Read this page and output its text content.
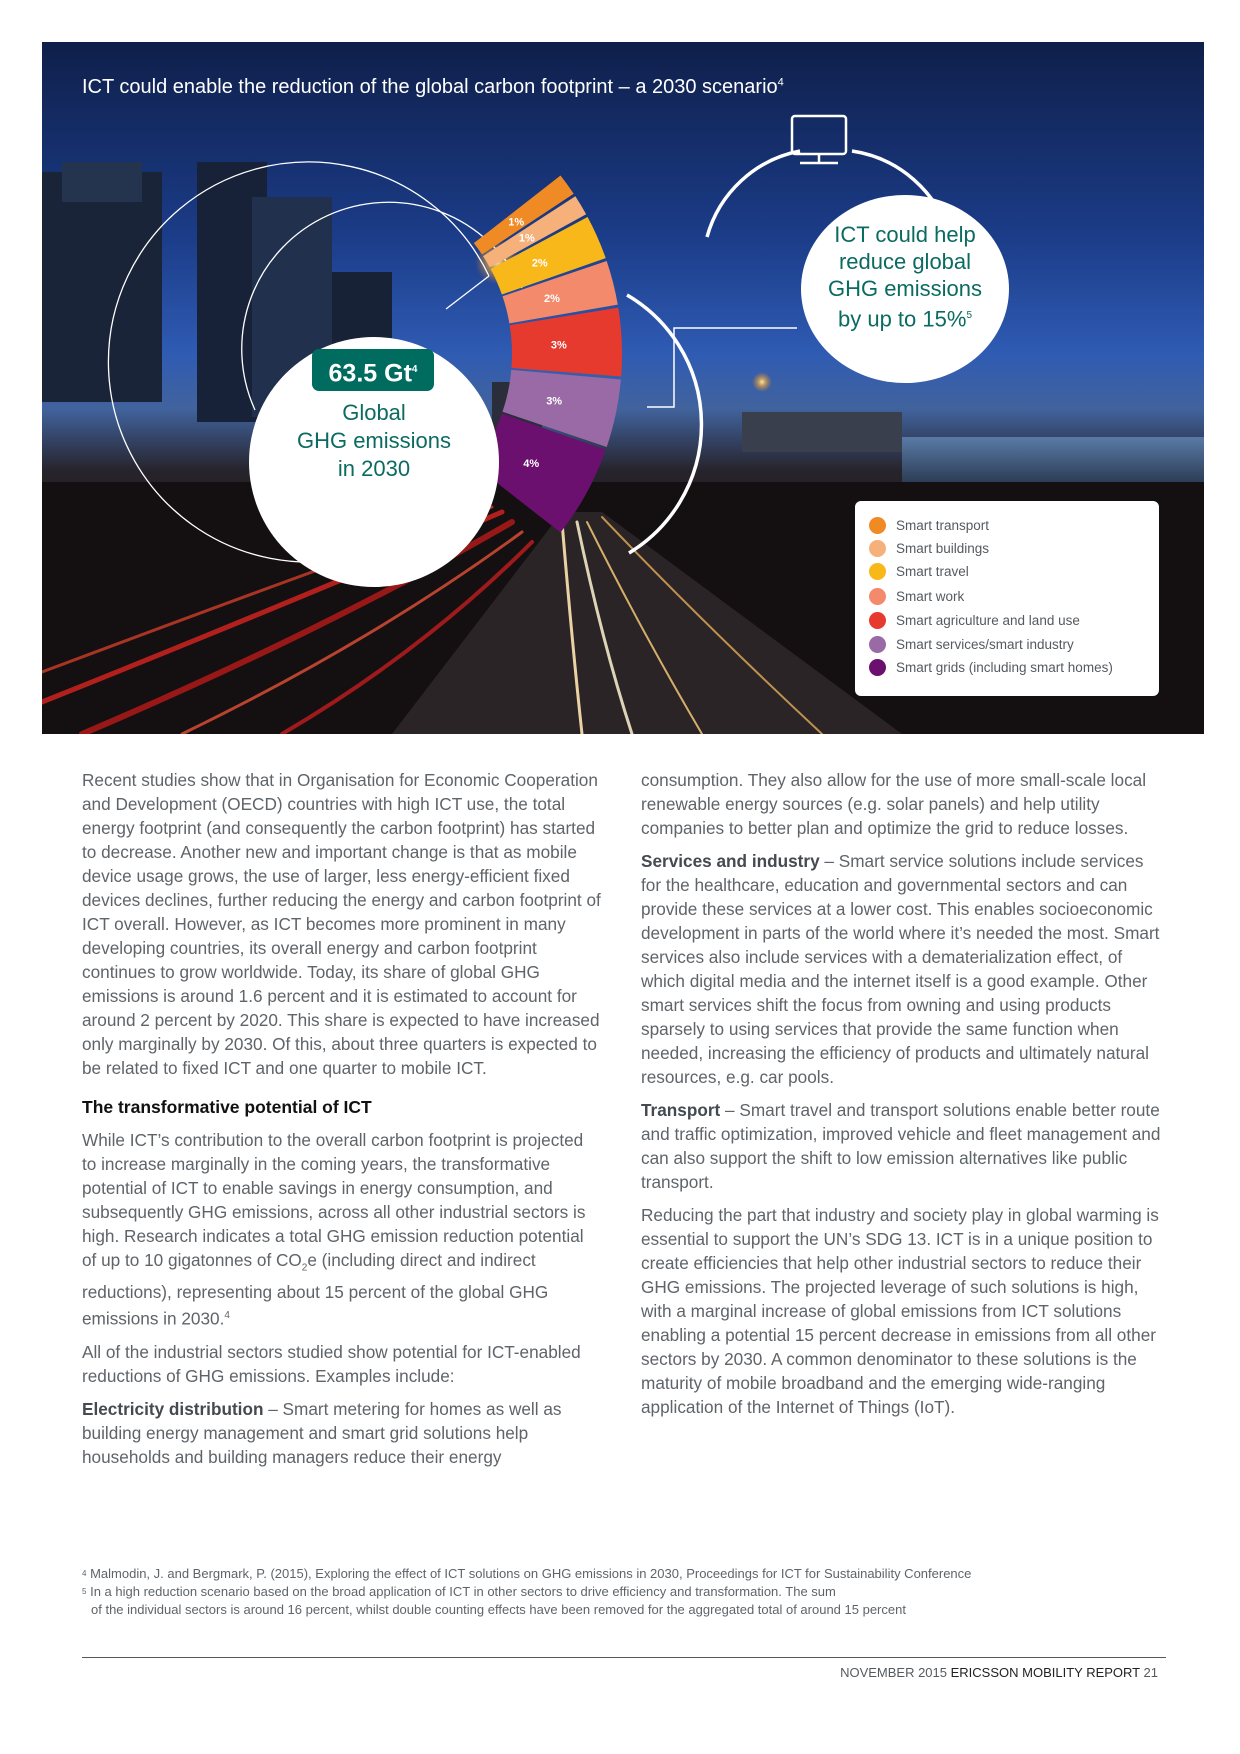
1%
1%
2%
2%
3%
3%
4%
ICT could enable the reduction of the global carbon footprint – a 2030 scenario$^4$
63.5 Gt$^4$

Global
GHG emissions
in 2030

ICT could help
reduce global
GHG emissions
by up to 15%$^5$

Smart transport
Smart buildings
Smart travel
Smart work
Smart agriculture and land use
Smart services/smart industry
Smart grids (including smart homes)

Recent studies show that in Organisation for Economic Cooperation and Development (OECD) countries with high ICT use, the total energy footprint (and consequently the carbon footprint) has started to decrease. Another new and important change is that as mobile device usage grows, the use of larger, less energy-efficient fixed devices declines, further reducing the energy and carbon footprint of ICT overall. However, as ICT becomes more prominent in many developing countries, its overall energy and carbon footprint continues to grow worldwide. Today, its share of global GHG emissions is around 1.6 percent and it is estimated to account for around 2 percent by 2020. This share is expected to have increased only marginally by 2030. Of this, about three quarters is expected to be related to fixed ICT and one quarter to mobile ICT.

The transformative potential of ICT

While ICT’s contribution to the overall carbon footprint is projected to increase marginally in the coming years, the transformative potential of ICT to enable savings in energy consumption, and subsequently GHG emissions, across all other industrial sectors is high. Research indicates a total GHG emission reduction potential of up to 10 gigatonnes of $CO_2e$ (including direct and indirect reductions), representing about 15 percent of the global GHG emissions in 2030.$^4$

All of the industrial sectors studied show potential for ICT-enabled reductions of GHG emissions. Examples include:

Electricity distribution – Smart metering for homes as well as building energy management and smart grid solutions help households and building managers reduce their energy

consumption. They also allow for the use of more small-scale local renewable energy sources (e.g. solar panels) and help utility companies to better plan and optimize the grid to reduce losses.

Services and industry – Smart service solutions include services for the healthcare, education and governmental sectors and can provide these services at a lower cost. This enables socioeconomic development in parts of the world where it’s needed the most. Smart services also include services with a dematerialization effect, of which digital media and the internet itself is a good example. Other smart services shift the focus from owning and using products sparsely to using services that provide the same function when needed, increasing the efficiency of products and ultimately natural resources, e.g. car pools.

Transport – Smart travel and transport solutions enable better route and traffic optimization, improved vehicle and fleet management and can also support the shift to low emission alternatives like public transport.

Reducing the part that industry and society play in global warming is essential to support the UN’s SDG 13. ICT is in a unique position to create efficiencies that help other industrial sectors to reduce their GHG emissions. The projected leverage of such solutions is high, with a marginal increase of global emissions from ICT solutions enabling a potential 15 percent decrease in emissions from all other sectors by 2030. A common denominator to these solutions is the maturity of mobile broadband and the emerging wide-ranging application of the Internet of Things (IoT).

$^4$ Malmodin, J. and Bergmark, P. (2015), Exploring the effect of ICT solutions on GHG emissions in 2030, Proceedings for ICT for Sustainability Conference

$^5$ In a high reduction scenario based on the broad application of ICT in other sectors to drive efficiency and transformation. The sum

of the individual sectors is around 16 percent, whilst double counting effects have been removed for the aggregated total of around 15 percent

NOVEMBER 2015 ERICSSON MOBILITY REPORT 21
